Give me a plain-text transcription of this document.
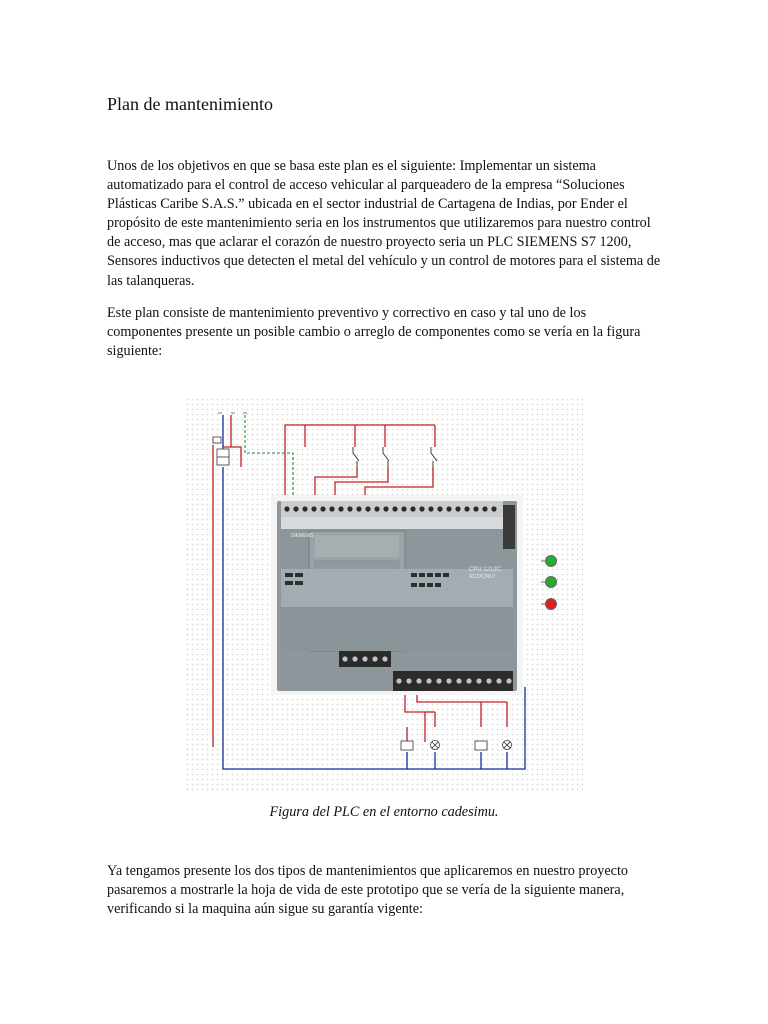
Plan de mantenimiento

Unos de los objetivos en que se basa este plan es el siguiente: Implementar un sistema automatizado para el control de acceso vehicular al parqueadero de la empresa “Soluciones Plásticas Caribe S.A.S.” ubicada en el sector industrial de Cartagena de Indias, por Ender el propósito de este mantenimiento seria en los instrumentos que utilizaremos para nuestro control de acceso, mas que aclarar el corazón de nuestro proyecto seria un PLC SIEMENS S7 1200, Sensores inductivos que detecten el metal del vehículo y un control de motores para el sistema de las talanqueras.

Este plan consiste de mantenimiento preventivo y correctivo en caso y tal uno de los componentes presente un posible cambio o arreglo de componentes como se vería en la figura siguiente:

CPU 1212C
AC/DC/RLY
SIEMENS

Figura del PLC en el entorno cadesimu.

Ya tengamos presente los dos tipos de mantenimientos que aplicaremos en nuestro proyecto pasaremos a mostrarle la hoja de vida de este prototipo que se vería de la siguiente manera, verificando si la maquina aún sigue su garantía vigente:
